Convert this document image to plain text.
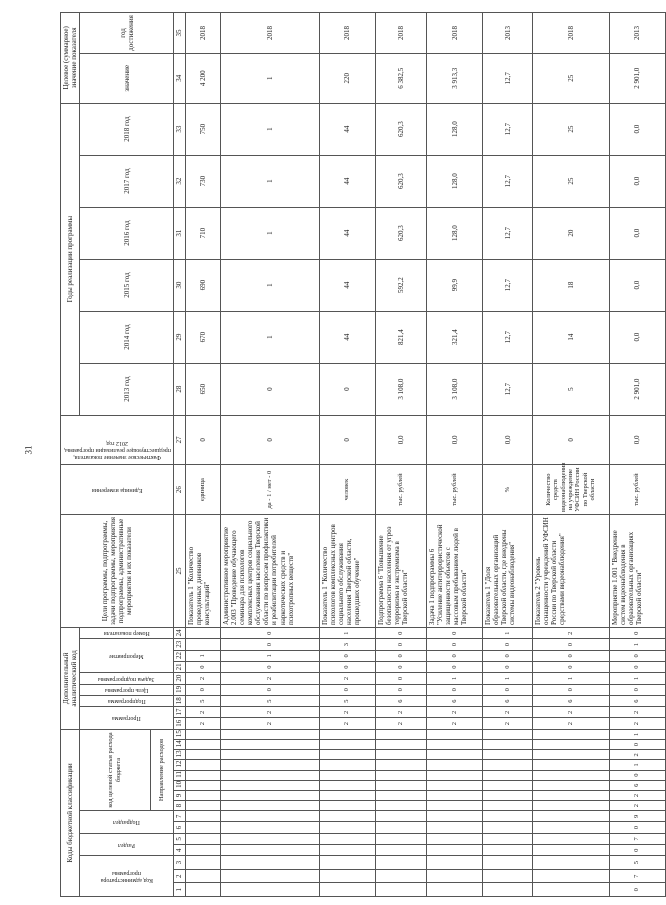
31
Коды бюджетной классификации															Дополнительный аналитический код									Цели программы, подпрограммы, задачи подпрограммы, мероприятия подпрограммы, административные мероприятия и их показатели	Единица измерения	Фактическое значение показателя, предшествующее реализации программы, 2012 год	Годы реализации программы						Целевое (суммарное) значение показателя	

Код администратора программы			Раздел		Подраздел		код целевой статьи расхода бюджета								Программа		Подпрограмма	Цель программы	Задача подпрограммы	Мероприятие			Номер показателя				2013 год	2014 год	2015 год	2016 год	2017 год	2018 год	значение	год достижения
							Направление расходов																											
1	2	3	4	5	6	7	8	9	10	11	12	13	14	15	16	17	18	19	20	21	22	23	24	25	26	27	28	29	30	31	32	33	34	35
															2	2	5	0	2	0	1			Показатель 1 "Количество проведенных дневников консультаций"	единица	0	650	670	690	710	730	750	4 200	2018
															2	2	5	0	2	0	1	0	0	Административное мероприятие 2.003 "Проведение обучающего семинара для психологов комплексных центров социального обслуживания населения Тверской области по вопросам профилактики и реабилитации потребителей наркотических средств и психотропных веществ"	да - 1 / нет - 0	0	0	1	1	1	1	1	1	2018
															2	2	5	0	2	0	0	3	1	Показатель 1 "Количество психологов комплексных центров социального обслуживания населения Тверской области, прошедших обучение"	человек	0	0	44	44	44	44	44	220	2018
															2	2	6	0	0	0	0	0	0	Подпрограмма 6 "Повышение безопасности населения от угроз терроризма и экстремизма в Тверской области"	тыс. рублей	0,0	3 108,0	821,4	592,2	620,3	620,3	620,3	6 382,5	2018
															2	2	6	0	1	0	0	0	0	Задача 1 подпрограммы 6 "Усиление антитеррористической защищенности объектов с массовым пребыванием людей в Тверской области"	тыс. рублей	0,0	3 108,0	321,4	99,9	128,0	128,0	128,0	3 913,3	2018
															2	2	6	0	1	0	0	0	1	Показатель 1 "Доля образовательных организаций Тверской области, где внедрены системы видеонаблюдения"	%	0,0	12,7	12,7	12,7	12,7	12,7	12,7	12,7	2013
															2	2	6	0	1	0	0	0	2	Показатель 2 "Уровень оснащенности учреждений УФСИН России по Тверской области средствами видеонаблюдения"	Количество средств видеонаблюдения на учреждение УФСИН России по Тверской области	0	5	14	18	20	25	25	25	2018
0	7	5	0	7	0	9	2	2	6	0	1	2	0	1	2	2	6	0	1	0	0	1	0	Мероприятие 1.001 "Внедрение систем видеонаблюдения в образовательных организациях Тверской области"	тыс. рублей	0,0	2 901,0	0,0	0,0	0,0	0,0	0,0	2 901,0	2013
